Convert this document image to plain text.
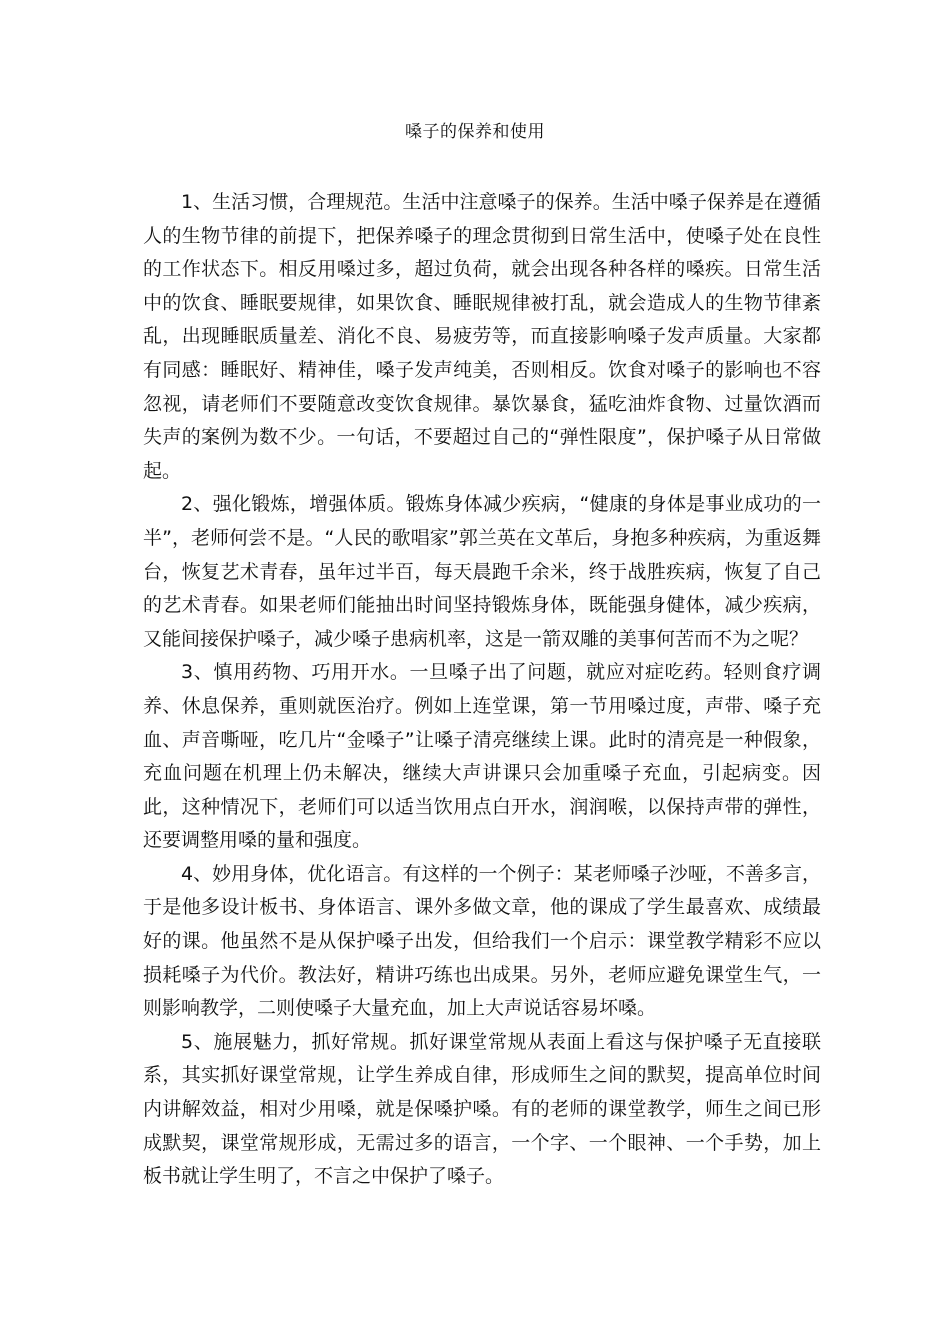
嗓子的保养和使用

1、生活习惯，合理规范。生活中注意嗓子的保养。生活中嗓子保养是在遵循人的生物节律的前提下，把保养嗓子的理念贯彻到日常生活中，使嗓子处在良性的工作状态下。相反用嗓过多，超过负荷，就会出现各种各样的嗓疾。日常生活中的饮食、睡眠要规律，如果饮食、睡眠规律被打乱，就会造成人的生物节律紊乱，出现睡眠质量差、消化不良、易疲劳等，而直接影响嗓子发声质量。大家都有同感：睡眠好、精神佳，嗓子发声纯美，否则相反。饮食对嗓子的影响也不容忽视，请老师们不要随意改变饮食规律。暴饮暴食，猛吃油炸食物、过量饮酒而失声的案例为数不少。一句话，不要超过自己的“弹性限度”，保护嗓子从日常做起。

2、强化锻炼，增强体质。锻炼身体减少疾病，“健康的身体是事业成功的一半”，老师何尝不是。“人民的歌唱家”郭兰英在文革后，身抱多种疾病，为重返舞台，恢复艺术青春，虽年过半百，每天晨跑千余米，终于战胜疾病，恢复了自己的艺术青春。如果老师们能抽出时间坚持锻炼身体，既能强身健体，减少疾病，又能间接保护嗓子，减少嗓子患病机率，这是一箭双雕的美事何苦而不为之呢？

3、慎用药物、巧用开水。一旦嗓子出了问题，就应对症吃药。轻则食疗调养、休息保养，重则就医治疗。例如上连堂课，第一节用嗓过度，声带、嗓子充血、声音嘶哑，吃几片“金嗓子”让嗓子清亮继续上课。此时的清亮是一种假象，充血问题在机理上仍未解决，继续大声讲课只会加重嗓子充血，引起病变。因此，这种情况下，老师们可以适当饮用点白开水，润润喉，以保持声带的弹性，还要调整用嗓的量和强度。

4、妙用身体，优化语言。有这样的一个例子：某老师嗓子沙哑，不善多言，于是他多设计板书、身体语言、课外多做文章，他的课成了学生最喜欢、成绩最好的课。他虽然不是从保护嗓子出发，但给我们一个启示：课堂教学精彩不应以损耗嗓子为代价。教法好，精讲巧练也出成果。另外，老师应避免课堂生气，一则影响教学，二则使嗓子大量充血，加上大声说话容易坏嗓。

5、施展魅力，抓好常规。抓好课堂常规从表面上看这与保护嗓子无直接联系，其实抓好课堂常规，让学生养成自律，形成师生之间的默契，提高单位时间内讲解效益，相对少用嗓，就是保嗓护嗓。有的老师的课堂教学，师生之间已形成默契，课堂常规形成，无需过多的语言，一个字、一个眼神、一个手势，加上板书就让学生明了，不言之中保护了嗓子。
